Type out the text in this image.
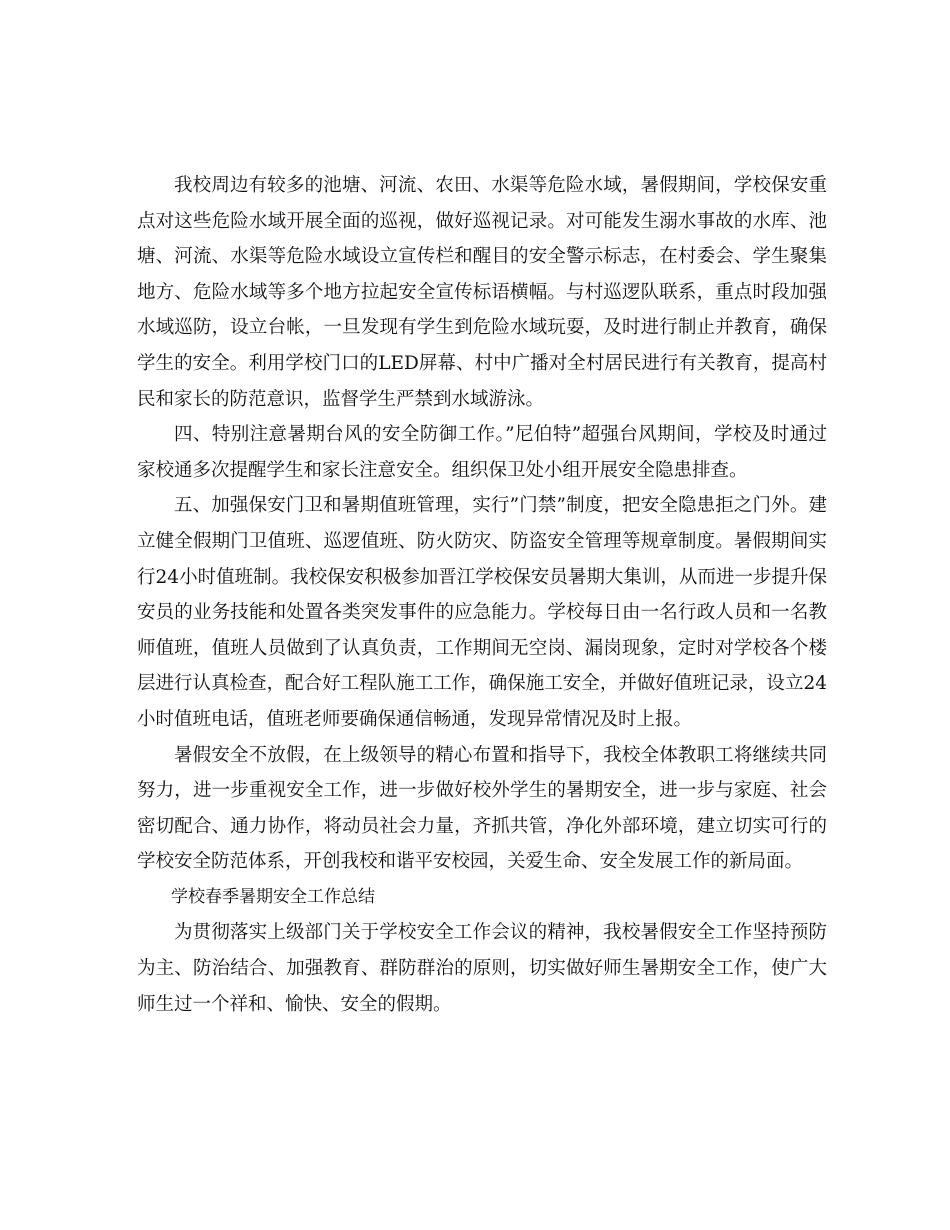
我校周边有较多的池塘、河流、农田、水渠等危险水域，暑假期间，学校保安重点对这些危险水域开展全面的巡视，做好巡视记录。对可能发生溺水事故的水库、池塘、河流、水渠等危险水域设立宣传栏和醒目的安全警示标志，在村委会、学生聚集地方、危险水域等多个地方拉起安全宣传标语横幅。与村巡逻队联系，重点时段加强水域巡防，设立台帐，一旦发现有学生到危险水域玩耍，及时进行制止并教育，确保学生的安全。利用学校门口的LED屏幕、村中广播对全村居民进行有关教育，提高村民和家长的防范意识，监督学生严禁到水域游泳。

四、特别注意暑期台风的安全防御工作。”尼伯特”超强台风期间，学校及时通过家校通多次提醒学生和家长注意安全。组织保卫处小组开展安全隐患排查。

五、加强保安门卫和暑期值班管理，实行”门禁”制度，把安全隐患拒之门外。建立健全假期门卫值班、巡逻值班、防火防灾、防盗安全管理等规章制度。暑假期间实行24小时值班制。我校保安积极参加晋江学校保安员暑期大集训，从而进一步提升保安员的业务技能和处置各类突发事件的应急能力。学校每日由一名行政人员和一名教师值班，值班人员做到了认真负责，工作期间无空岗、漏岗现象，定时对学校各个楼层进行认真检查，配合好工程队施工工作，确保施工安全，并做好值班记录，设立24小时值班电话，值班老师要确保通信畅通，发现异常情况及时上报。

暑假安全不放假，在上级领导的精心布置和指导下，我校全体教职工将继续共同努力，进一步重视安全工作，进一步做好校外学生的暑期安全，进一步与家庭、社会密切配合、通力协作，将动员社会力量，齐抓共管，净化外部环境，建立切实可行的学校安全防范体系，开创我校和谐平安校园，关爱生命、安全发展工作的新局面。

学校春季暑期安全工作总结

为贯彻落实上级部门关于学校安全工作会议的精神，我校暑假安全工作坚持预防为主、防治结合、加强教育、群防群治的原则，切实做好师生暑期安全工作，使广大师生过一个祥和、愉快、安全的假期。
